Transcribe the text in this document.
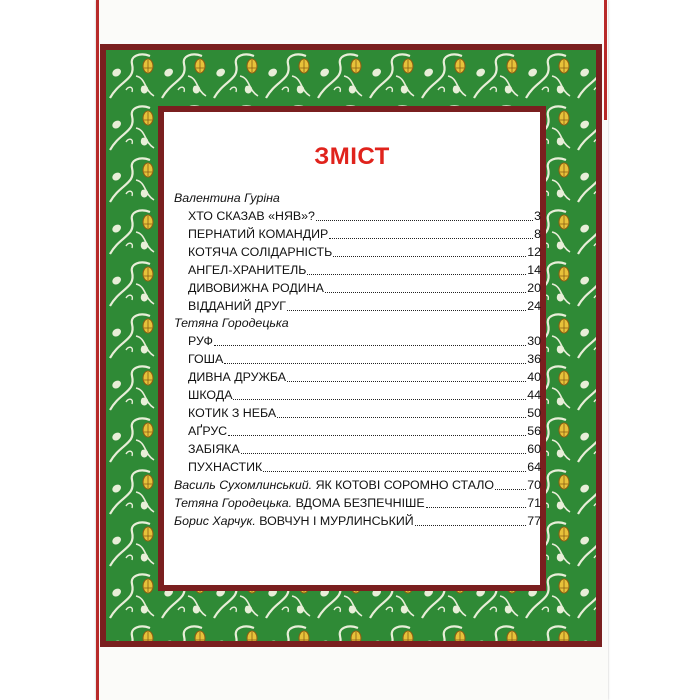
ЗМІСТ
Валентина Гуріна
ХТО СКАЗАВ «НЯВ»?	3
ПЕРНАТИЙ КОМАНДИР	8
КОТЯЧА СОЛІДАРНІСТЬ	12
АНГЕЛ-ХРАНИТЕЛЬ	14
ДИВОВИЖНА РОДИНА	20
ВІДДАНИЙ ДРУГ	24
Тетяна Городецька
РУФ	30
ГОША	36
ДИВНА ДРУЖБА	40
ШКОДА	44
КОТИК З НЕБА	50
АҐРУС	56
ЗАБІЯКА	60
ПУХНАСТИК	64
Василь Сухомлинський. ЯК КОТОВІ СОРОМНО СТАЛО	70
Тетяна Городецька. ВДОМА БЕЗПЕЧНІШЕ	71
Борис Харчук. ВОВЧУН І МУРЛИНСЬКИЙ	77
